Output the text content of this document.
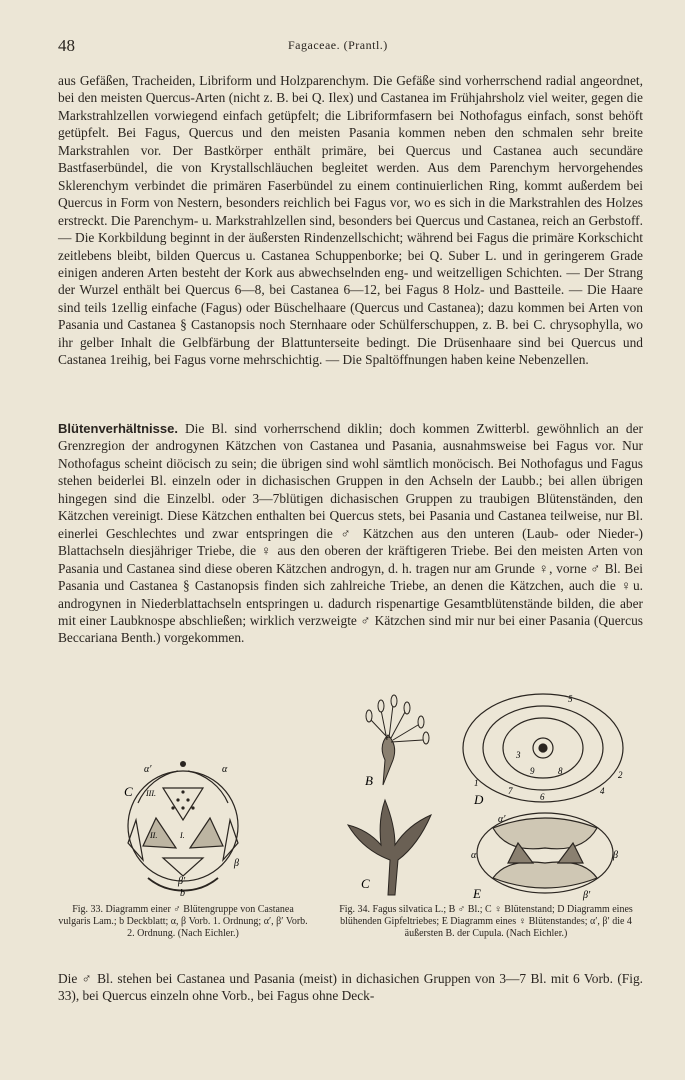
48	Fagaceae. (Prantl.)

aus Gefäßen, Tracheiden, Libriform und Holzparenchym. Die Gefäße sind vorherrschend radial angeordnet, bei den meisten Quercus-Arten (nicht z. B. bei Q. Ilex) und Castanea im Frühjahrsholz viel weiter, gegen die Markstrahlzellen vorwiegend einfach getüpfelt; die Libriformfasern bei Nothofagus einfach, sonst behöft getüpfelt. Bei Fagus, Quercus und den meisten Pasania kommen neben den schmalen sehr breite Markstrahlen vor. Der Bastkörper enthält primäre, bei Quercus und Castanea auch secundäre Bastfaserbündel, die von Krystallschläuchen begleitet werden. Aus dem Parenchym hervorgehendes Sklerenchym verbindet die primären Faserbündel zu einem continuierlichen Ring, kommt außerdem bei Quercus in Form von Nestern, besonders reichlich bei Fagus vor, wo es sich in die Markstrahlen des Holzes erstreckt. Die Parenchym- u. Markstrahlzellen sind, besonders bei Quercus und Castanea, reich an Gerbstoff. — Die Korkbildung beginnt in der äußersten Rindenzellschicht; während bei Fagus die primäre Korkschicht zeitlebens bleibt, bilden Quercus u. Castanea Schuppenborke; bei Q. Suber L. und in geringerem Grade einigen anderen Arten besteht der Kork aus abwechselnden eng- und weitzelligen Schichten. — Der Strang der Wurzel enthält bei Quercus 6—8, bei Castanea 6—12, bei Fagus 8 Holz- und Bastteile. — Die Haare sind teils 1zellig einfache (Fagus) oder Büschelhaare (Quercus und Castanea); dazu kommen bei Arten von Pasania und Castanea § Castanopsis noch Sternhaare oder Schülferschuppen, z. B. bei C. chrysophylla, wo ihr gelber Inhalt die Gelbfärbung der Blattunterseite bedingt. Die Drüsenhaare sind bei Quercus und Castanea 1reihig, bei Fagus vorne mehrschichtig. — Die Spaltöffnungen haben keine Nebenzellen.

Blütenverhältnisse. Die Bl. sind vorherrschend diklin; doch kommen Zwitterbl. gewöhnlich an der Grenzregion der androgynen Kätzchen von Castanea und Pasania, ausnahmsweise bei Fagus vor. Nur Nothofagus scheint diöcisch zu sein; die übrigen sind wohl sämtlich monöcisch. Bei Nothofagus und Fagus stehen beiderlei Bl. einzeln oder in dichasischen Gruppen in den Achseln der Laubb.; bei allen übrigen hingegen sind die Einzelbl. oder 3—7blütigen dichasischen Gruppen zu traubigen Blütenständen, den Kätzchen vereinigt. Diese Kätzchen enthalten bei Quercus stets, bei Pasania und Castanea teilweise, nur Bl. einerlei Geschlechtes und zwar entspringen die ♂ Kätzchen aus den unteren (Laub- oder Nieder-) Blattachseln diesjähriger Triebe, die ♀ aus den oberen der kräftigeren Triebe. Bei den meisten Arten von Pasania und Castanea sind diese oberen Kätzchen androgyn, d. h. tragen nur am Grunde ♀, vorne ♂ Bl. Bei Pasania und Castanea § Castanopsis finden sich zahlreiche Triebe, an denen die Kätzchen, auch die ♀u. androgynen in Niederblattachseln entspringen u. dadurch rispenartige Gesamtblütenstände bilden, die aber mit einer Laubknospe abschließen; wirklich verzweigte ♂ Kätzchen sind mir nur bei einer Pasania (Quercus Beccariana Benth.) vorgekommen.

C
α′	α
β
β′
b
I.
II.
III.
B
C
3
9	8
1
2
4
6
7
5
D
α
α′
β
β′
E
Fig. 33. Diagramm einer ♂ Blütengruppe von Castanea vulgaris Lam.; b Deckblatt; α, β Vorb. 1. Ordnung; α′, β′ Vorb. 2. Ordnung. (Nach Eichler.)
Fig. 34. Fagus silvatica L.; B ♂ Bl.; C ♀ Blütenstand; D Diagramm eines blühenden Gipfeltriebes; E Diagramm eines ♀ Blütenstandes; α′, β′ die 4 äußersten B. der Cupula. (Nach Eichler.)

Die ♂ Bl. stehen bei Castanea und Pasania (meist) in dichasichen Gruppen von 3—7 Bl. mit 6 Vorb. (Fig. 33), bei Quercus einzeln ohne Vorb., bei Fagus ohne Deck-
